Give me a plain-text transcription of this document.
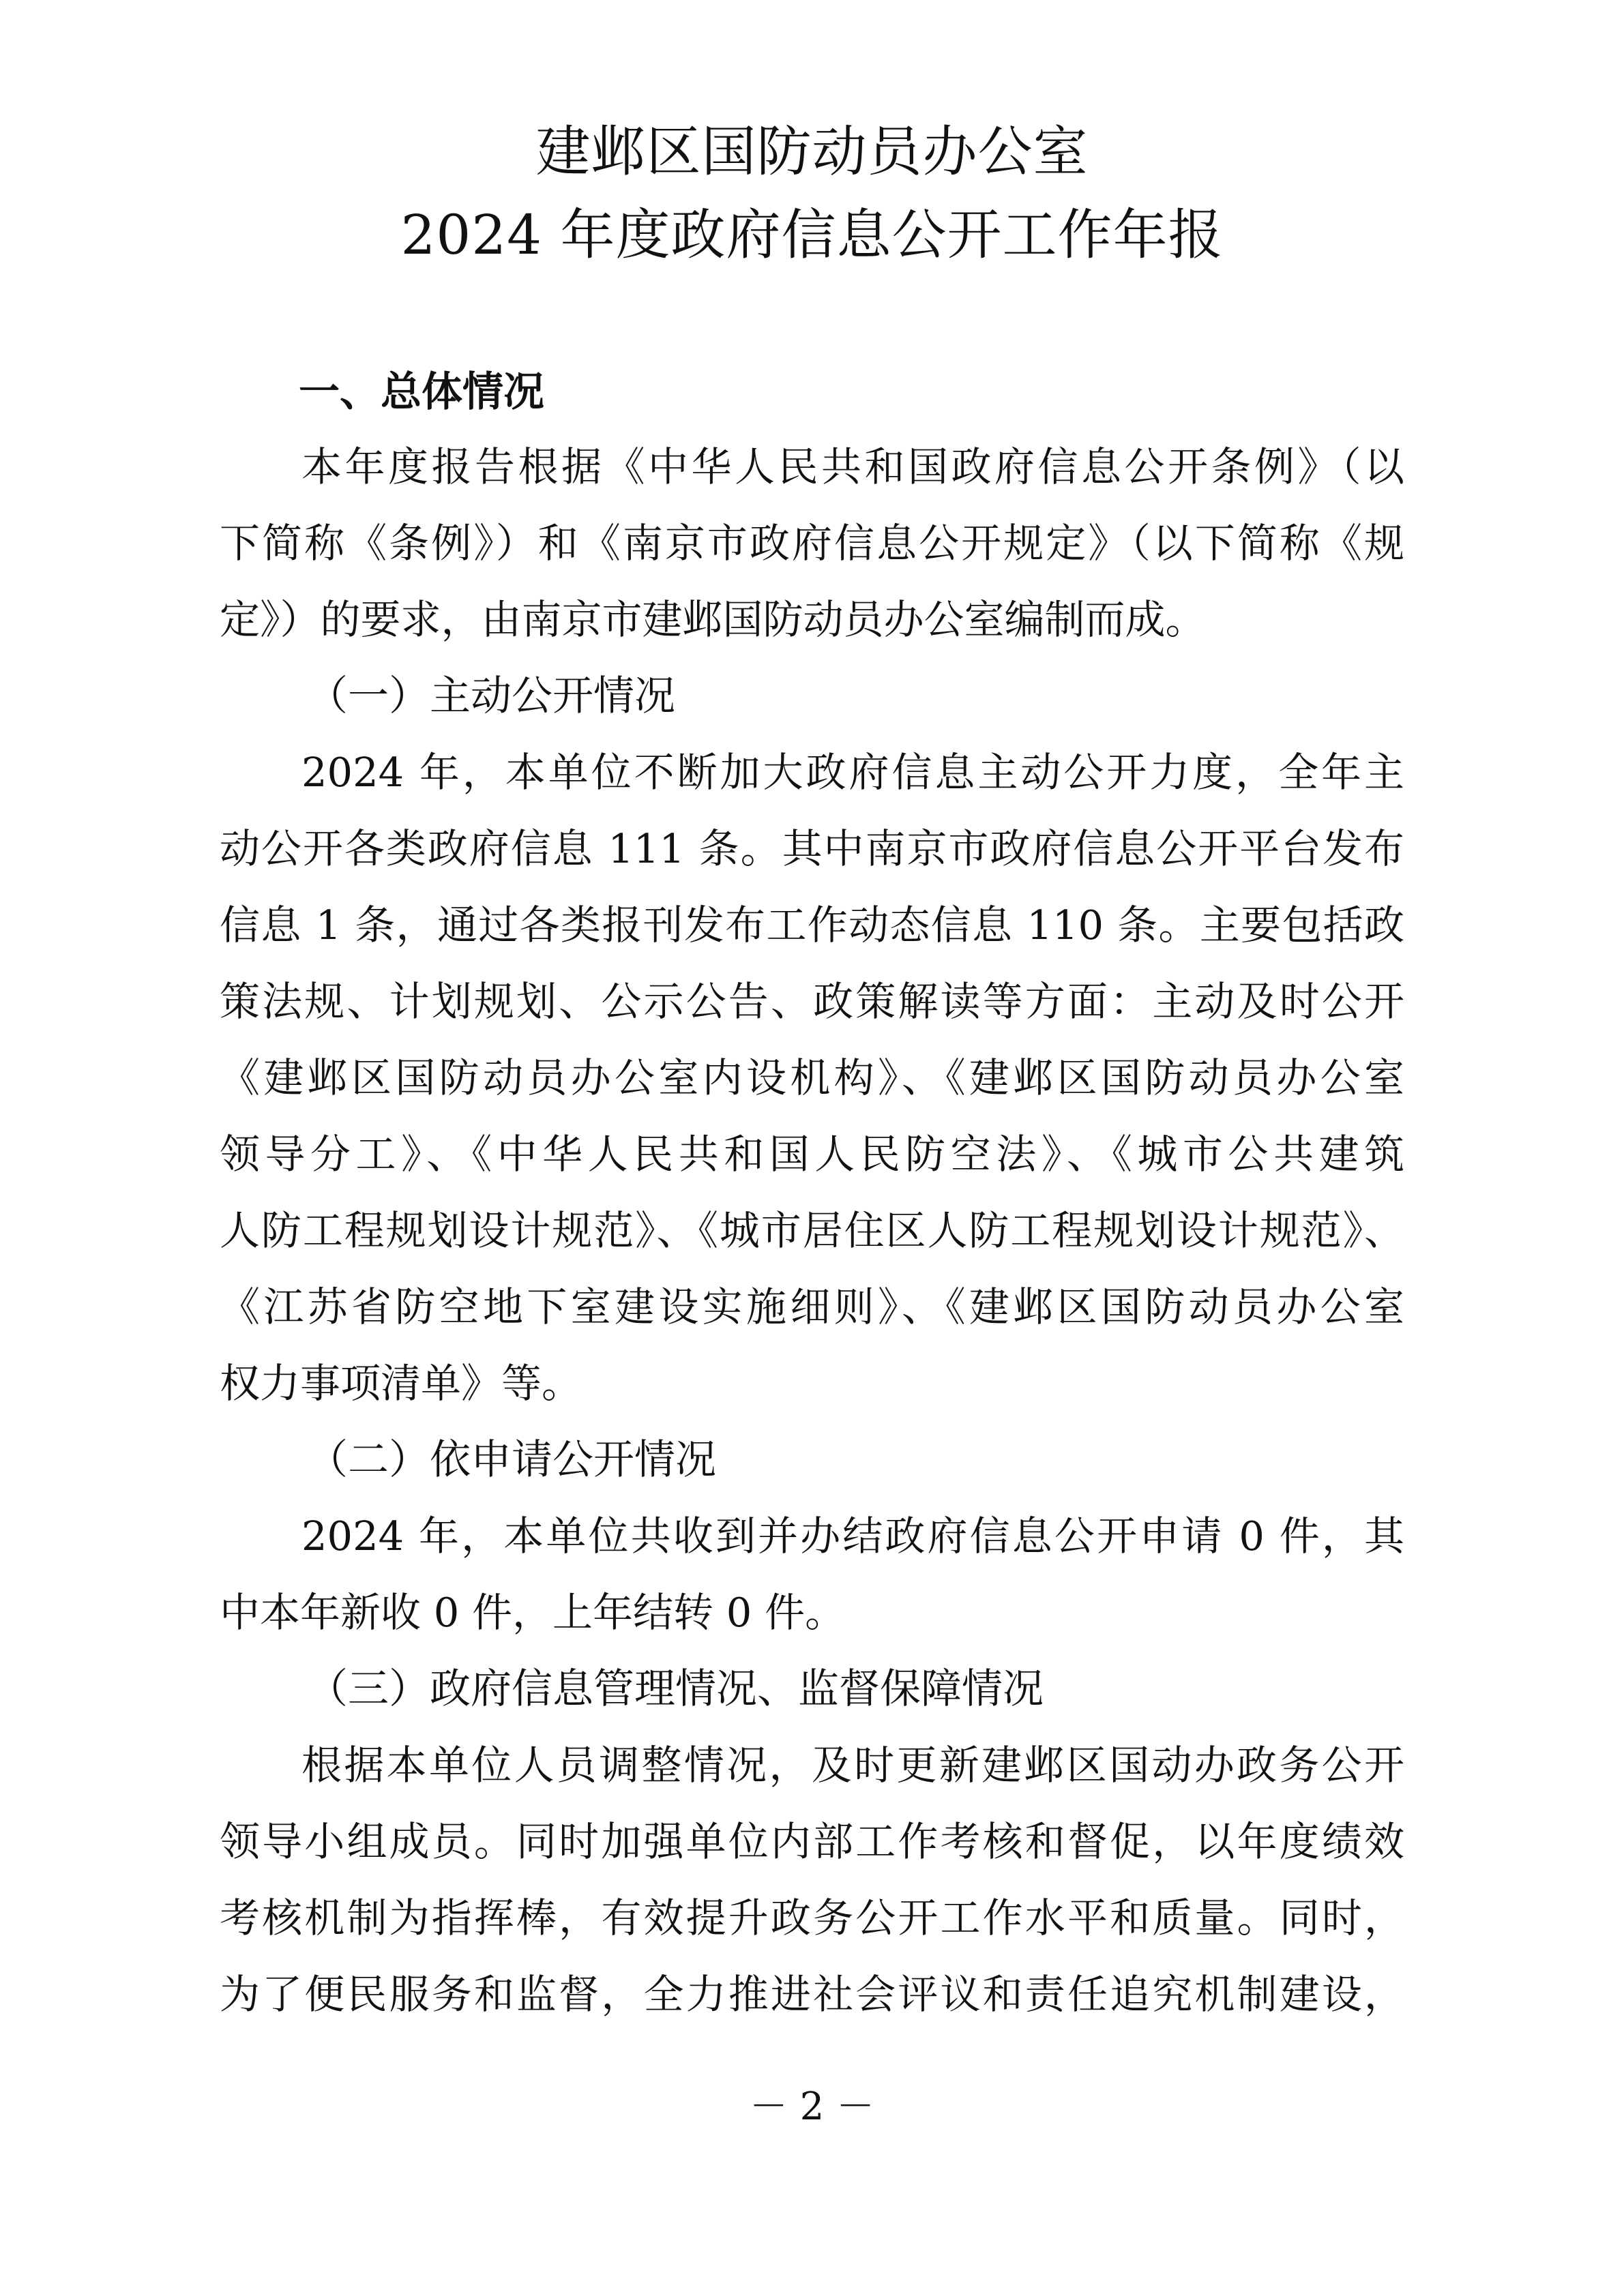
建邺区国防动员办公室
2024 年度政府信息公开工作年报
一、总体情况
本年度报告根据《中华人民共和国政府信息公开条例》（以
下简称《条例》）和《南京市政府信息公开规定》（以下简称《规
定》）的要求，由南京市建邺国防动员办公室编制而成。
（一）主动公开情况
2024 年，本单位不断加大政府信息主动公开力度，全年主
动公开各类政府信息 111 条。其中南京市政府信息公开平台发布
信息 1 条，通过各类报刊发布工作动态信息 110 条。主要包括政
策法规、计划规划、公示公告、政策解读等方面：主动及时公开
《建邺区国防动员办公室内设机构》、《建邺区国防动员办公室
领导分工》、《中华人民共和国人民防空法》、《城市公共建筑
人防工程规划设计规范》、《城市居住区人防工程规划设计规范》、
《江苏省防空地下室建设实施细则》、《建邺区国防动员办公室
权力事项清单》等。
（二）依申请公开情况
2024 年，本单位共收到并办结政府信息公开申请 0 件，其
中本年新收 0 件，上年结转 0 件。
（三）政府信息管理情况、监督保障情况
根据本单位人员调整情况，及时更新建邺区国动办政务公开
领导小组成员。同时加强单位内部工作考核和督促，以年度绩效
考核机制为指挥棒，有效提升政务公开工作水平和质量。同时，
为了便民服务和监督，全力推进社会评议和责任追究机制建设，
－ 2 －
